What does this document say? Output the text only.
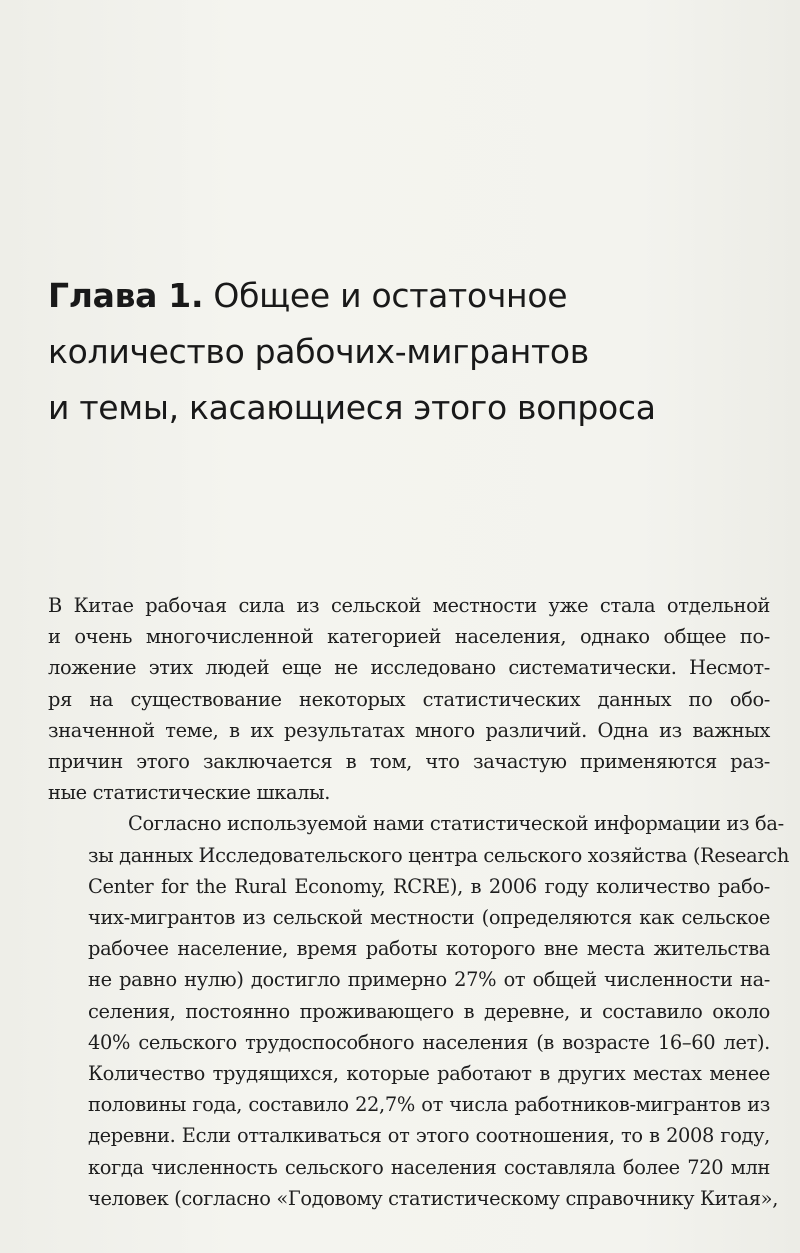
Глава 1. Общее и остаточное
количество рабочих-мигрантов
и темы, касающиеся этого вопроса

В Китае рабочая сила из сельской местности уже стала отдельной
и очень многочисленной категорией населения, однако общее по-
ложение этих людей еще не исследовано систематически. Несмот-
ря на существование некоторых статистических данных по обо-
значенной теме, в их результатах много различий. Одна из важных
причин этого заключается в том, что зачастую применяются раз-
ные статистические шкалы.

Согласно используемой нами статистической информации из ба-
зы данных Исследовательского центра сельского хозяйства (Research
Center for the Rural Economy, RCRE), в 2006 году количество рабо-
чих-мигрантов из сельской местности (определяются как сельское
рабочее население, время работы которого вне места жительства
не равно нулю) достигло примерно 27% от общей численности на-
селения, постоянно проживающего в деревне, и составило около
40% сельского трудоспособного населения (в возрасте 16–60 лет).
Количество трудящихся, которые работают в других местах менее
половины года, составило 22,7% от числа работников-мигрантов из
деревни. Если отталкиваться от этого соотношения, то в 2008 году,
когда численность сельского населения составляла более 720 млн
человек (согласно «Годовому статистическому справочнику Китая»,
